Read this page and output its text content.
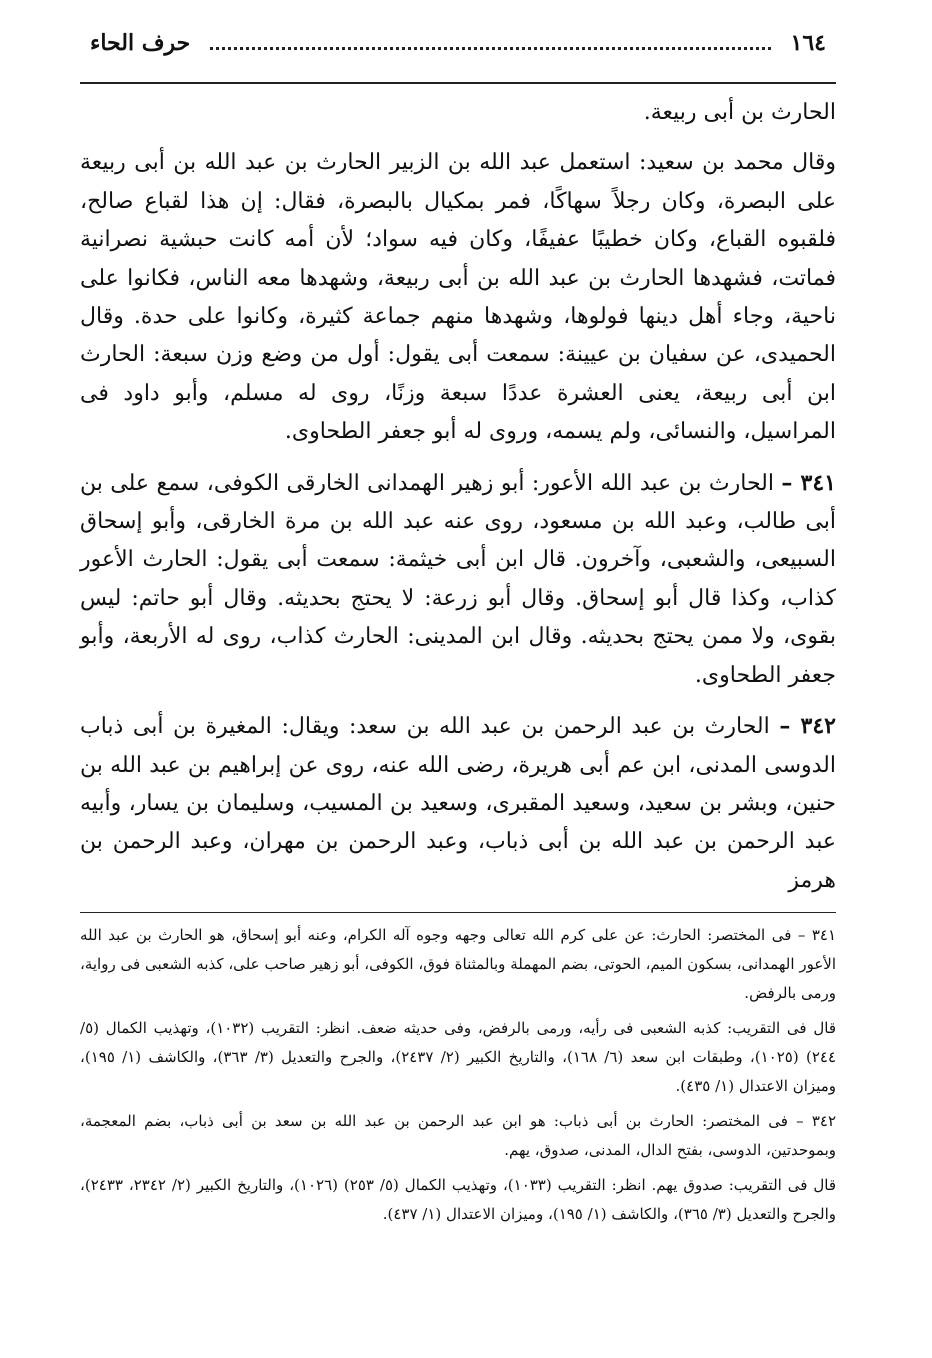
١٦٤
حرف الحاء

الحارث بن أبى ربيعة.

وقال محمد بن سعيد: استعمل عبد الله بن الزبير الحارث بن عبد الله بن أبى ربيعة على البصرة، وكان رجلاً سهاكًا، فمر بمكيال بالبصرة، فقال: إن هذا لقباع صالح، فلقبوه القباع، وكان خطيبًا عفيفًا، وكان فيه سواد؛ لأن أمه كانت حبشية نصرانية فماتت، فشهدها الحارث بن عبد الله بن أبى ربيعة، وشهدها معه الناس، فكانوا على ناحية، وجاء أهل دينها فولوها، وشهدها منهم جماعة كثيرة، وكانوا على حدة. وقال الحميدى، عن سفيان بن عيينة: سمعت أبى يقول: أول من وضع وزن سبعة: الحارث ابن أبى ربيعة، يعنى العشرة عددًا سبعة وزنًا، روى له مسلم، وأبو داود فى المراسيل، والنسائى، ولم يسمه، وروى له أبو جعفر الطحاوى.

٣٤١ – الحارث بن عبد الله الأعور: أبو زهير الهمدانى الخارقى الكوفى، سمع على بن أبى طالب، وعبد الله بن مسعود، روى عنه عبد الله بن مرة الخارقى، وأبو إسحاق السبيعى، والشعبى، وآخرون. قال ابن أبى خيثمة: سمعت أبى يقول: الحارث الأعور كذاب، وكذا قال أبو إسحاق. وقال أبو زرعة: لا يحتج بحديثه. وقال أبو حاتم: ليس بقوى، ولا ممن يحتج بحديثه. وقال ابن المدينى: الحارث كذاب، روى له الأربعة، وأبو جعفر الطحاوى.

٣٤٢ – الحارث بن عبد الرحمن بن عبد الله بن سعد: ويقال: المغيرة بن أبى ذباب الدوسى المدنى، ابن عم أبى هريرة، رضى الله عنه، روى عن إبراهيم بن عبد الله بن حنين، وبشر بن سعيد، وسعيد المقبرى، وسعيد بن المسيب، وسليمان بن يسار، وأبيه عبد الرحمن بن عبد الله بن أبى ذباب، وعبد الرحمن بن مهران، وعبد الرحمن بن هرمز

٣٤١ – فى المختصر: الحارث: عن على كرم الله تعالى وجهه وجوه آله الكرام، وعنه أبو إسحاق، هو الحارث بن عبد الله الأعور الهمدانى، بسكون الميم، الحوتى، بضم المهملة وبالمثناة فوق، الكوفى، أبو زهير صاحب على، كذبه الشعبى فى رواية، ورمى بالرفض.

قال فى التقريب: كذبه الشعبى فى رأيه، ورمى بالرفض، وفى حديثه ضعف. انظر: التقريب (١٠٣٢)، وتهذيب الكمال (٥/ ٢٤٤) (١٠٢٥)، وطبقات ابن سعد (٦/ ١٦٨)، والتاريخ الكبير (٢/ ٢٤٣٧)، والجرح والتعديل (٣/ ٣٦٣)، والكاشف (١/ ١٩٥)، وميزان الاعتدال (١/ ٤٣٥).

٣٤٢ – فى المختصر: الحارث بن أبى ذباب: هو ابن عبد الرحمن بن عبد الله بن سعد بن أبى ذباب، بضم المعجمة، وبموحدتين، الدوسى، بفتح الدال، المدنى، صدوق، يهم.

قال فى التقريب: صدوق يهم. انظر: التقريب (١٠٣٣)، وتهذيب الكمال (٥/ ٢٥٣) (١٠٢٦)، والتاريخ الكبير (٢/ ٢٣٤٢، ٢٤٣٣)، والجرح والتعديل (٣/ ٣٦٥)، والكاشف (١/ ١٩٥)، وميزان الاعتدال (١/ ٤٣٧).
